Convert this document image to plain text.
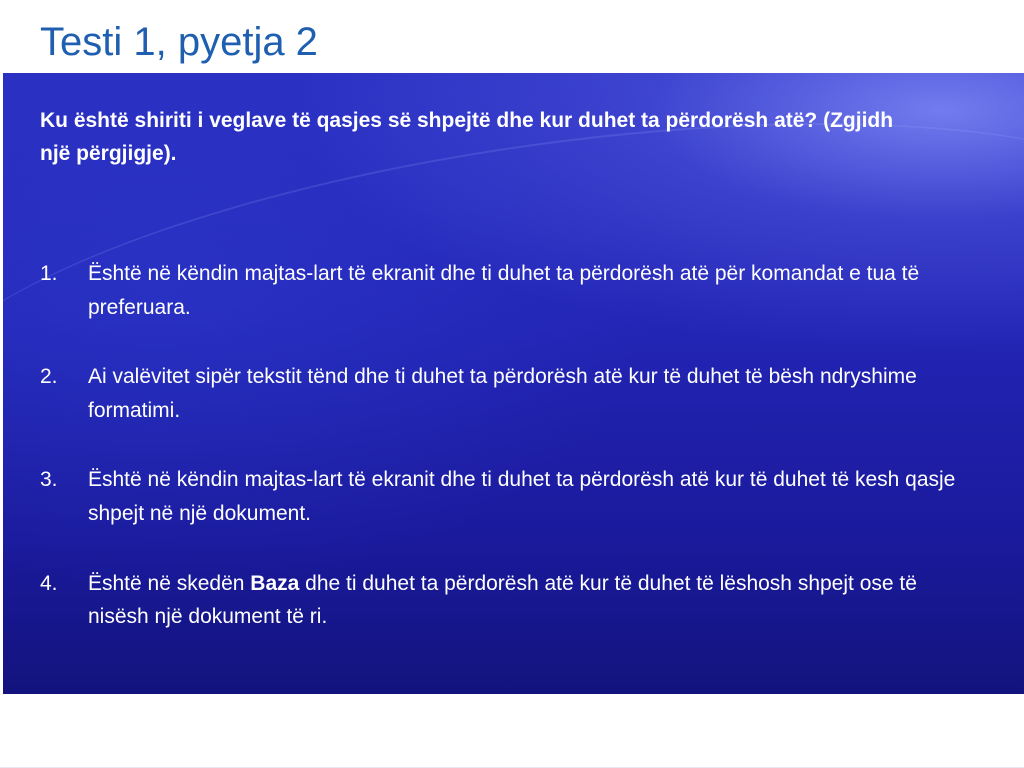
Testi 1, pyetja 2

Ku është shiriti i veglave të qasjes së shpejtë dhe kur duhet ta përdorësh atë? (Zgjidh një përgjigje).

1. Është në këndin majtas-lart të ekranit dhe ti duhet ta përdorësh atë për komandat e tua të preferuara.
2. Ai valëvitet sipër tekstit tënd dhe ti duhet ta përdorësh atë kur të duhet të bësh ndryshime formatimi.
3. Është në këndin majtas-lart të ekranit dhe ti duhet ta përdorësh atë kur të duhet të kesh qasje shpejt në një dokument.
4. Është në skedën Baza dhe ti duhet ta përdorësh atë kur të duhet të lëshosh shpejt ose të nisësh një dokument të ri.
